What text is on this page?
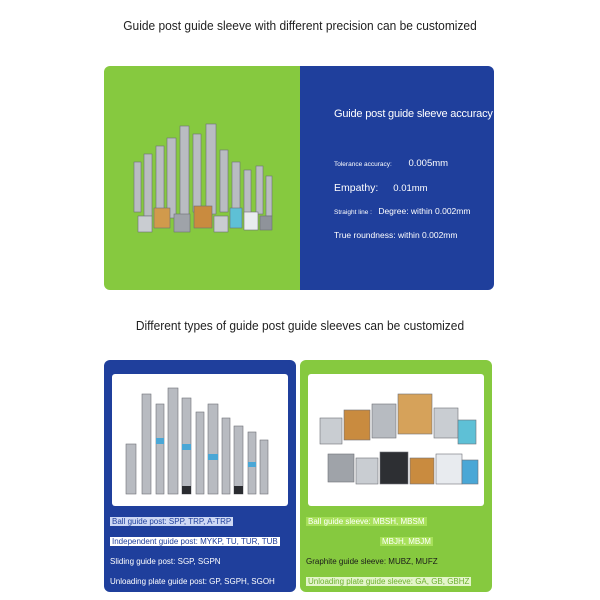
Guide post guide sleeve with different precision can be customized
Guide post guide sleeve accuracy
Tolerance accuracy: 0.005mm
Empathy: 0.01mm
Straight line : Degree: within 0.002mm
True roundness: within 0.002mm
Different types of guide post guide sleeves can be customized
Ball guide post: SPP, TRP, A-TRP
Independent guide post: MYKP, TU, TUR, TUB
Sliding guide post: SGP, SGPN
Unloading plate guide post: GP, SGPH, SGOH
Ball guide sleeve: MBSH, MBSM
MBJH, MBJM
Graphite guide sleeve: MUBZ, MUFZ
Unloading plate guide sleeve: GA, GB, GBHZ
